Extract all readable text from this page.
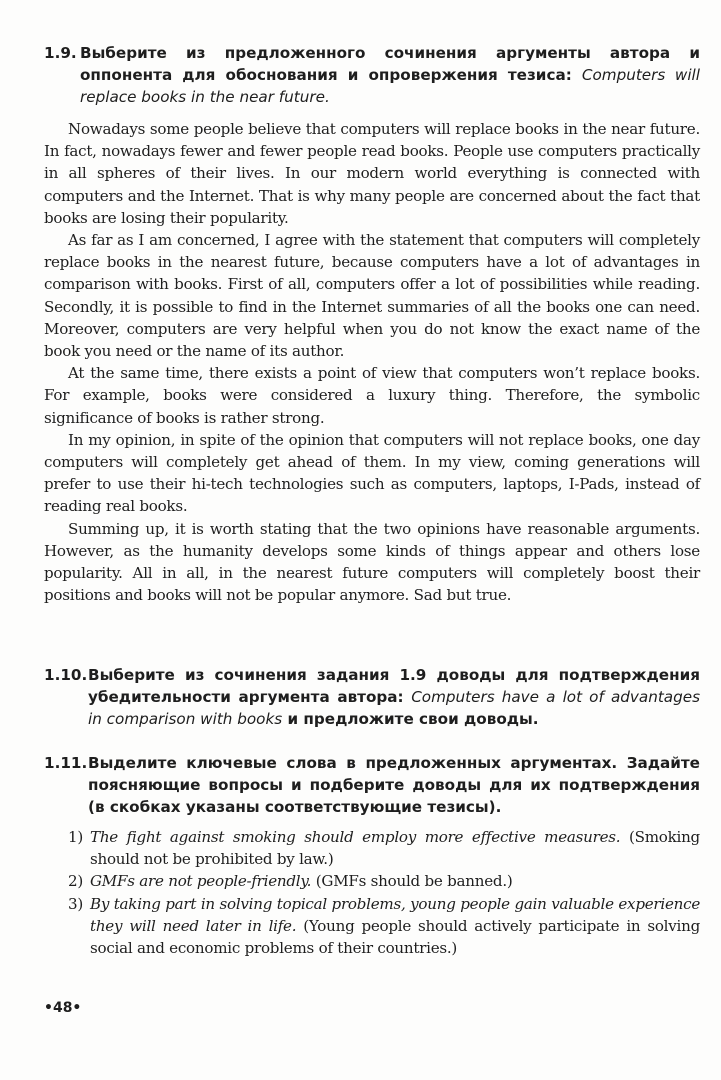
1.9. Выберите из предложенного сочинения аргументы автора и оппонента для обоснования и опровержения тезиса: Computers will replace books in the near future.

Nowadays some people believe that computers will replace books in the near future. In fact, nowadays fewer and fewer people read books. People use computers practically in all spheres of their lives. In our modern world everything is connected with computers and the Internet. That is why many people are concerned about the fact that books are losing their popularity.

As far as I am concerned, I agree with the statement that computers will completely replace books in the nearest future, because computers have a lot of advantages in comparison with books. First of all, computers offer a lot of possibilities while reading. Secondly, it is possible to find in the Internet summaries of all the books one can need. Moreover, computers are very helpful when you do not know the exact name of the book you need or the name of its author.

At the same time, there exists a point of view that computers won’t replace books. For example, books were considered a luxury thing. Therefore, the symbolic significance of books is rather strong.

In my opinion, in spite of the opinion that computers will not replace books, one day computers will completely get ahead of them. In my view, coming generations will prefer to use their hi-tech technologies such as computers, laptops, I-Pads, instead of reading real books.

Summing up, it is worth stating that the two opinions have reasonable arguments. However, as the humanity develops some kinds of things appear and others lose popularity. All in all, in the nearest future computers will completely boost their positions and books will not be popular anymore. Sad but true.

1.10. Выберите из сочинения задания 1.9 доводы для подтверждения убедительности аргумента автора: Computers have a lot of advantages in comparison with books и предложите свои доводы.
1.11. Выделите ключевые слова в предложенных аргументах. Задайте поясняющие вопросы и подберите доводы для их подтверждения (в скобках указаны соответствующие тезисы).
1) The fight against smoking should employ more effective measures. (Smoking should not be prohibited by law.)
2) GMFs are not people-friendly. (GMFs should be banned.)
3) By taking part in solving topical problems, young people gain valuable experience they will need later in life. (Young people should actively participate in solving social and economic problems of their countries.)
•48•
